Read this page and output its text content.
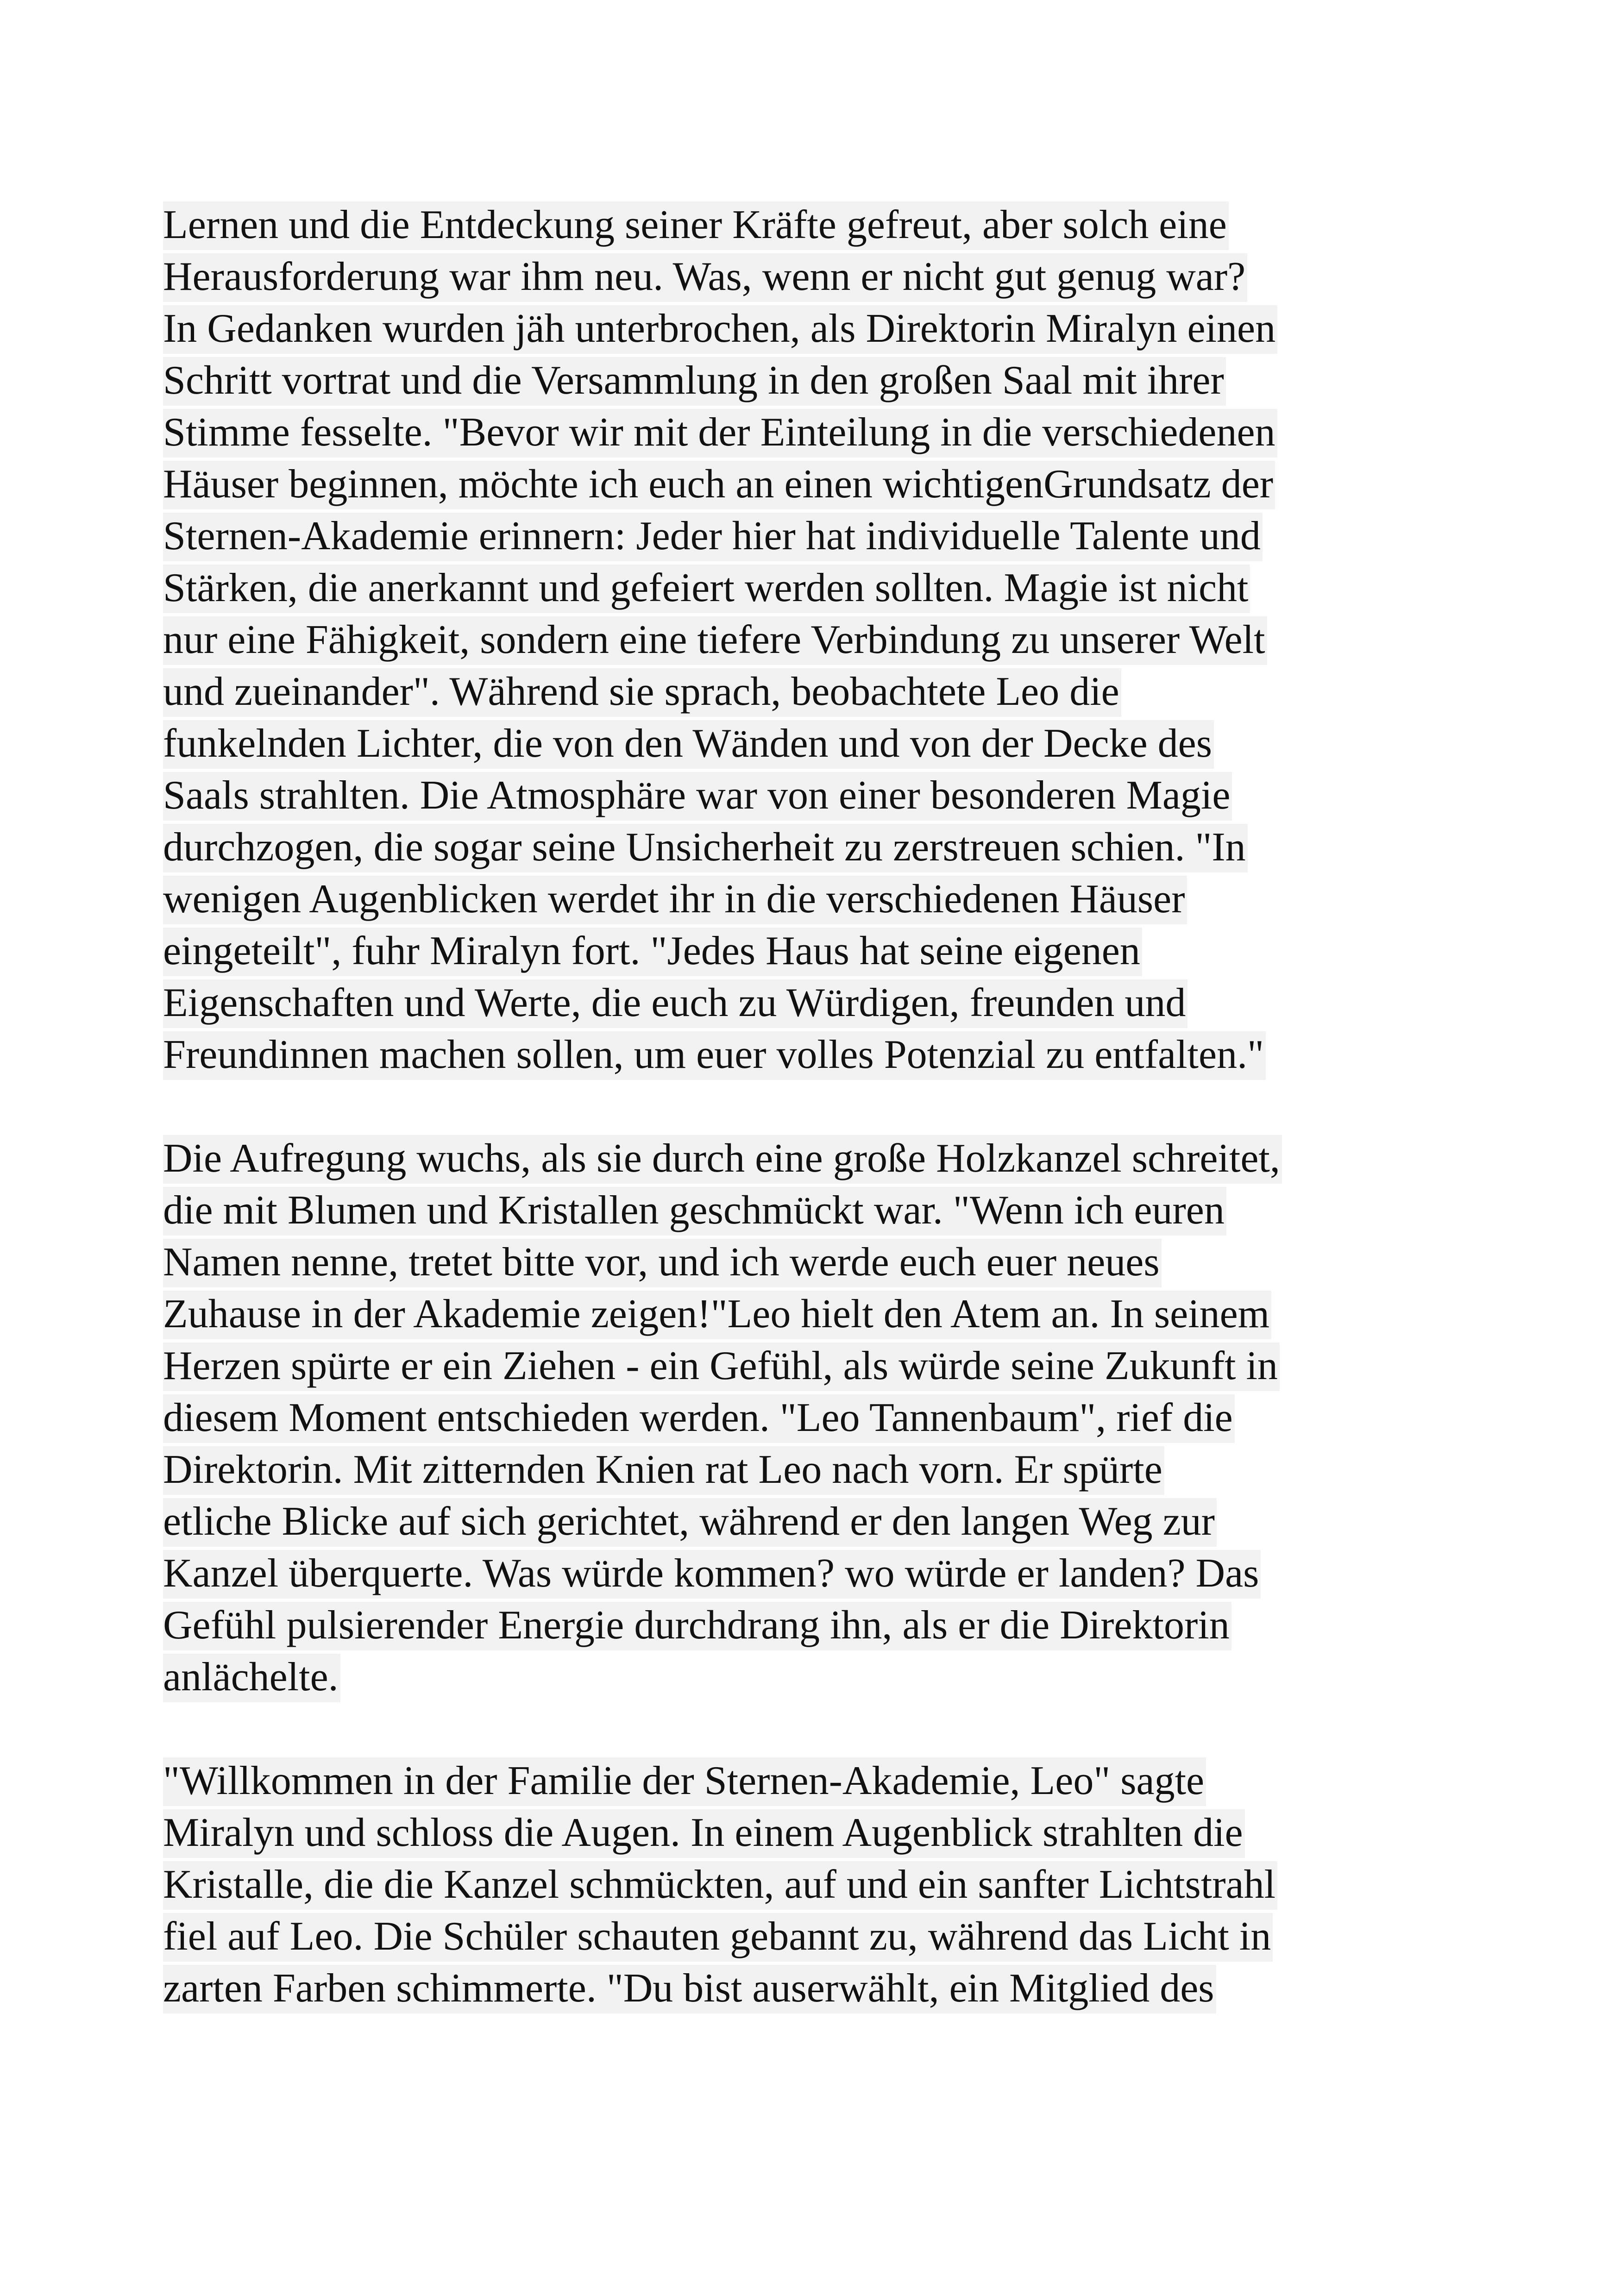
Lernen und die Entdeckung seiner Kräfte gefreut, aber solch eine
Herausforderung war ihm neu. Was, wenn er nicht gut genug war?
In Gedanken wurden jäh unterbrochen, als Direktorin Miralyn einen
Schritt vortrat und die Versammlung in den großen Saal mit ihrer
Stimme fesselte. "Bevor wir mit der Einteilung in die verschiedenen
Häuser beginnen, möchte ich euch an einen wichtigenGrundsatz der
Sternen-Akademie erinnern: Jeder hier hat individuelle Talente und
Stärken, die anerkannt und gefeiert werden sollten. Magie ist nicht
nur eine Fähigkeit, sondern eine tiefere Verbindung zu unserer Welt
und zueinander". Während sie sprach, beobachtete Leo die
funkelnden Lichter, die von den Wänden und von der Decke des
Saals strahlten. Die Atmosphäre war von einer besonderen Magie
durchzogen, die sogar seine Unsicherheit zu zerstreuen schien. "In
wenigen Augenblicken werdet ihr in die verschiedenen Häuser
eingeteilt", fuhr Miralyn fort. "Jedes Haus hat seine eigenen
Eigenschaften und Werte, die euch zu Würdigen, freunden und
Freundinnen machen sollen, um euer volles Potenzial zu entfalten."
Die Aufregung wuchs, als sie durch eine große Holzkanzel schreitet,
die mit Blumen und Kristallen geschmückt war. "Wenn ich euren
Namen nenne, tretet bitte vor, und ich werde euch euer neues
Zuhause in der Akademie zeigen!"Leo hielt den Atem an. In seinem
Herzen spürte er ein Ziehen - ein Gefühl, als würde seine Zukunft in
diesem Moment entschieden werden. "Leo Tannenbaum", rief die
Direktorin. Mit zitternden Knien rat Leo nach vorn. Er spürte
etliche Blicke auf sich gerichtet, während er den langen Weg zur
Kanzel überquerte. Was würde kommen? wo würde er landen? Das
Gefühl pulsierender Energie durchdrang ihn, als er die Direktorin
anlächelte.
"Willkommen in der Familie der Sternen-Akademie, Leo" sagte
Miralyn und schloss die Augen. In einem Augenblick strahlten die
Kristalle, die die Kanzel schmückten, auf und ein sanfter Lichtstrahl
fiel auf Leo. Die Schüler schauten gebannt zu, während das Licht in
zarten Farben schimmerte. "Du bist auserwählt, ein Mitglied des
